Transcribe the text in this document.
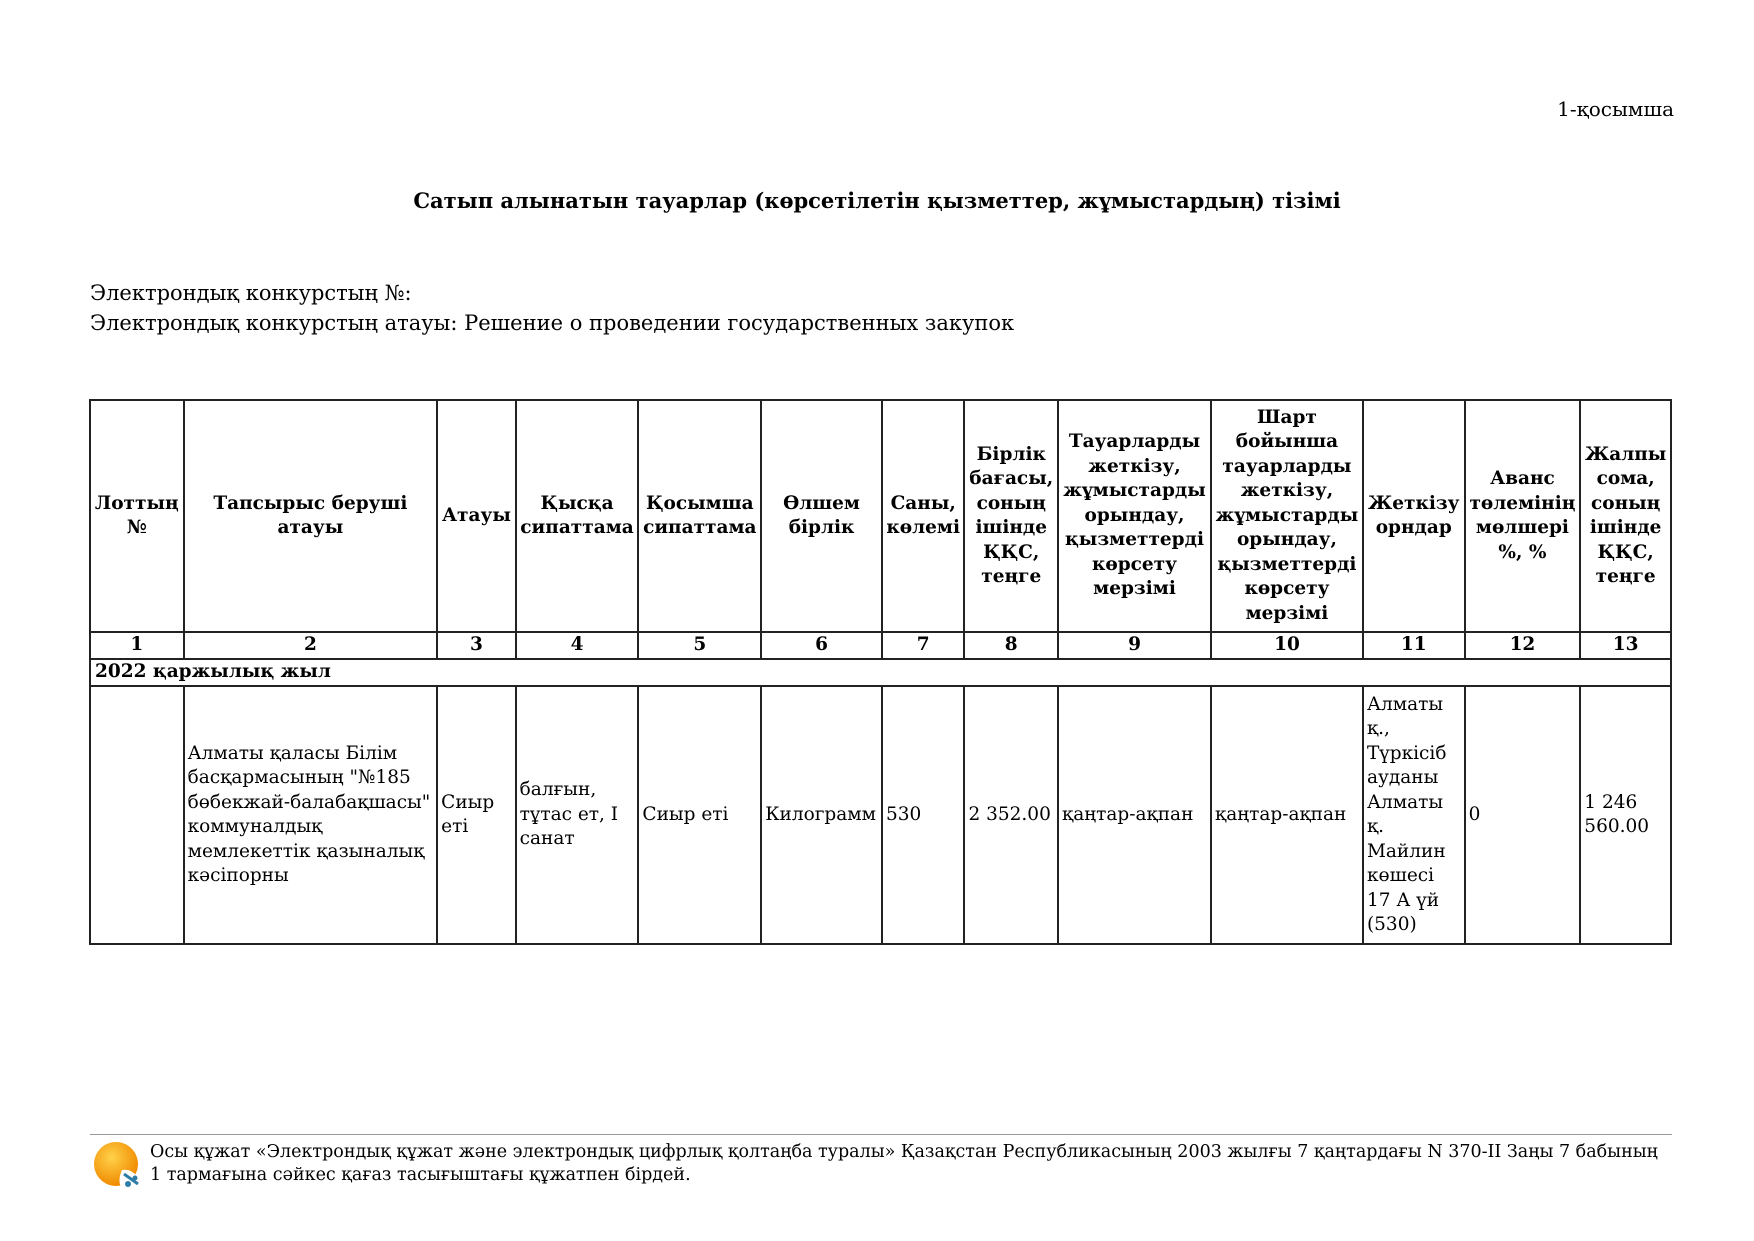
1-қосымша
Сатып алынатын тауарлар (көрсетілетін қызметтер, жұмыстардың) тізімі
Электрондық конкурстың №:
Электрондық конкурстың атауы: Решение о проведении государственных закупок
Лоттың №	Тапсырыс беруші атауы	Атауы	Қысқа сипаттама	Қосымша сипаттама	Өлшем бірлік	Саны, көлемі	Бірлік бағасы, соның ішінде ҚҚС, теңге	Тауарларды жеткізу, жұмыстарды орындау, қызметтерді көрсету мерзімі	Шарт бойынша тауарларды жеткізу, жұмыстарды орындау, қызметтерді көрсету мерзімі	Жеткізу орндар	Аванс төлемінің мөлшері %, %	Жалпы сома, соның ішінде ҚҚС, теңге
1	2	3	4	5	6	7	8	9	10	11	12	13
2022 қаржылық жыл												
	Алматы қаласы Білім басқармасының "№185 бөбекжай-балабақшасы" коммуналдық мемлекеттік қазыналық кәсіпорны	Сиыр еті	балғын, тұтас ет, I санат	Сиыр еті	Килограмм	530	2 352.00	қаңтар-ақпан	қаңтар-ақпан	Алматы қ., Түркісіб ауданы Алматы қ. Майлин көшесі 17 А үй (530)	0	1 246 560.00
Осы құжат «Электрондық құжат және электрондық цифрлық қолтаңба туралы» Қазақстан Республикасының 2003 жылғы 7 қаңтардағы N 370-II Заңы 7 бабының 1 тармағына сәйкес қағаз тасығыштағы құжатпен бірдей.
